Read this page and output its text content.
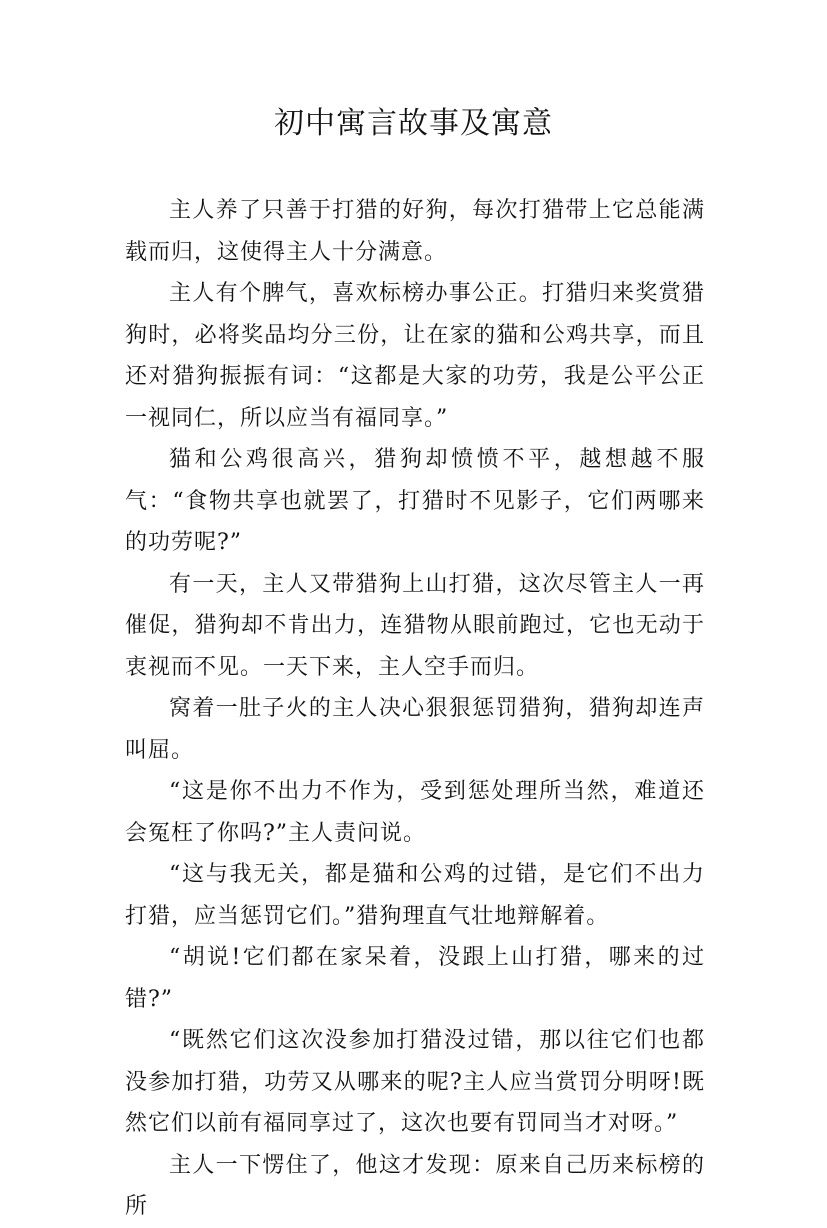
初中寓言故事及寓意

主人养了只善于打猎的好狗，每次打猎带上它总能满载而归，这使得主人十分满意。

主人有个脾气，喜欢标榜办事公正。打猎归来奖赏猎狗时，必将奖品均分三份，让在家的猫和公鸡共享，而且还对猎狗振振有词：“这都是大家的功劳，我是公平公正一视同仁，所以应当有福同享。”

猫和公鸡很高兴，猎狗却愤愤不平，越想越不服气：“食物共享也就罢了，打猎时不见影子，它们两哪来的功劳呢?”

有一天，主人又带猎狗上山打猎，这次尽管主人一再催促，猎狗却不肯出力，连猎物从眼前跑过，它也无动于衷视而不见。一天下来，主人空手而归。

窝着一肚子火的主人决心狠狠惩罚猎狗，猎狗却连声叫屈。

“这是你不出力不作为，受到惩处理所当然，难道还会冤枉了你吗?”主人责问说。

“这与我无关，都是猫和公鸡的过错，是它们不出力打猎，应当惩罚它们。”猎狗理直气壮地辩解着。

“胡说!它们都在家呆着，没跟上山打猎，哪来的过错?”

“既然它们这次没参加打猎没过错，那以往它们也都没参加打猎，功劳又从哪来的呢?主人应当赏罚分明呀!既然它们以前有福同享过了，这次也要有罚同当才对呀。”

主人一下愣住了，他这才发现：原来自己历来标榜的所
